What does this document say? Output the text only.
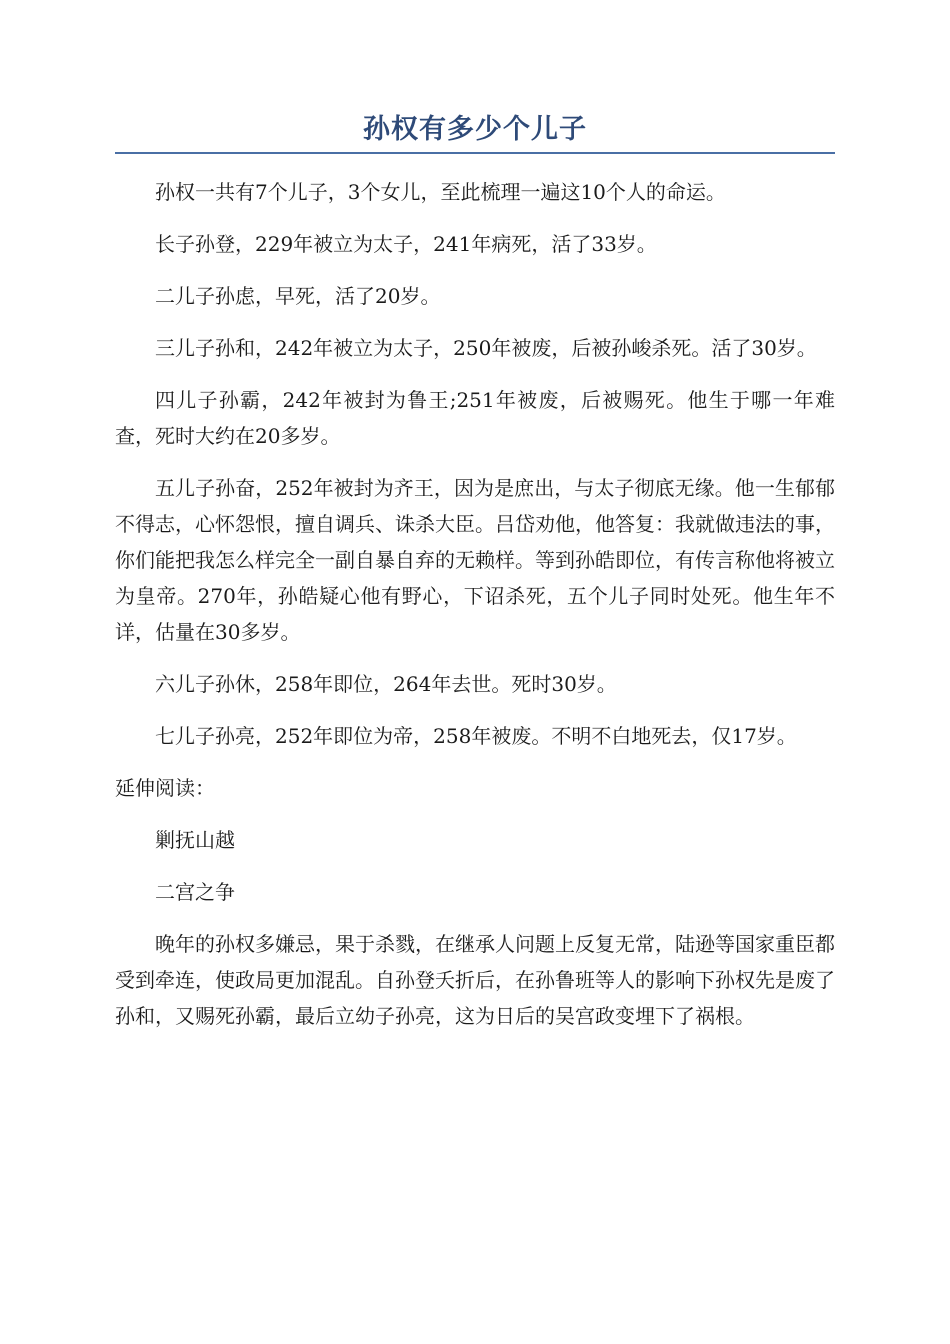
孙权有多少个儿子

孙权一共有7个儿子，3个女儿，至此梳理一遍这10个人的命运。

长子孙登，229年被立为太子，241年病死，活了33岁。

二儿子孙虑，早死，活了20岁。

三儿子孙和，242年被立为太子，250年被废，后被孙峻杀死。活了30岁。

四儿子孙霸，242年被封为鲁王;251年被废，后被赐死。他生于哪一年难查，死时大约在20多岁。

五儿子孙奋，252年被封为齐王，因为是庶出，与太子彻底无缘。他一生郁郁不得志，心怀怨恨，擅自调兵、诛杀大臣。吕岱劝他，他答复：我就做违法的事，你们能把我怎么样完全一副自暴自弃的无赖样。等到孙皓即位，有传言称他将被立为皇帝。270年，孙皓疑心他有野心，下诏杀死，五个儿子同时处死。他生年不详，估量在30多岁。

六儿子孙休，258年即位，264年去世。死时30岁。

七儿子孙亮，252年即位为帝，258年被废。不明不白地死去，仅17岁。

延伸阅读：

剿抚山越

二宫之争

晚年的孙权多嫌忌，果于杀戮，在继承人问题上反复无常，陆逊等国家重臣都受到牵连，使政局更加混乱。自孙登夭折后，在孙鲁班等人的影响下孙权先是废了孙和，又赐死孙霸，最后立幼子孙亮，这为日后的吴宫政变埋下了祸根。
